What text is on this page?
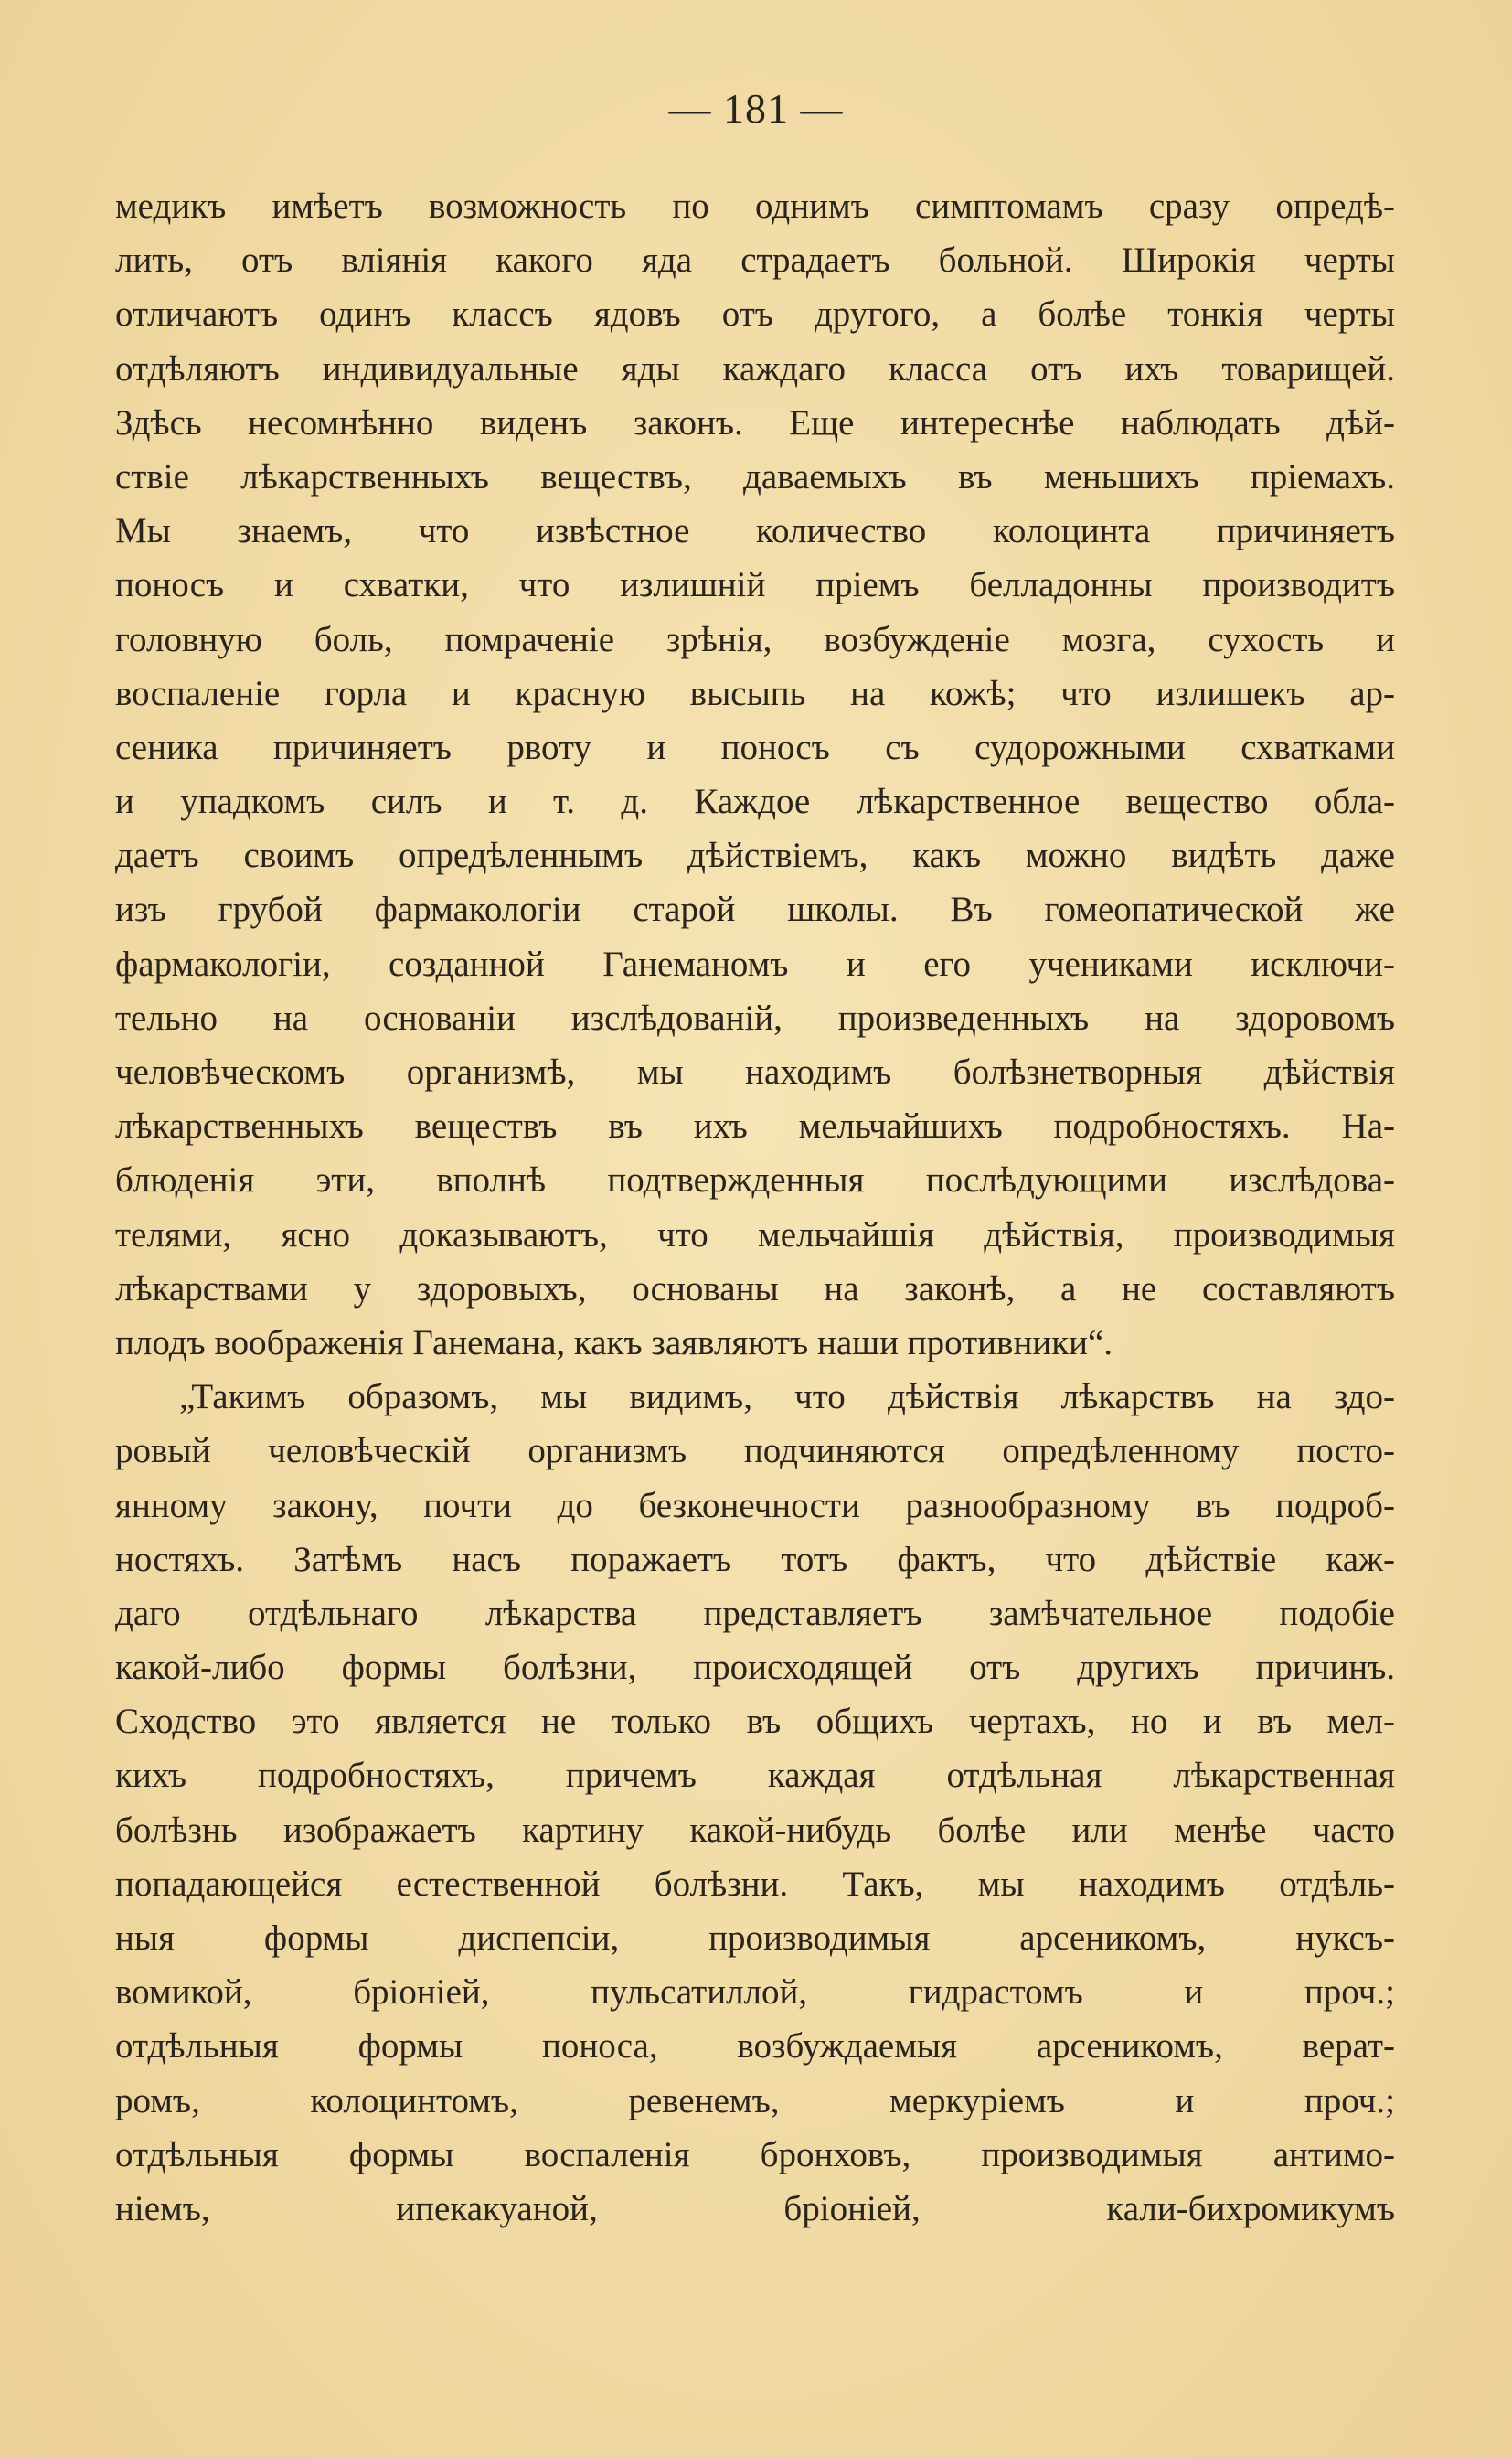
— 181 —
медикъ имѣетъ возможность по однимъ симптомамъ сразу опредѣ-
лить, отъ вліянія какого яда страдаетъ больной. Широкія черты
отличаютъ одинъ классъ ядовъ отъ другого, а болѣе тонкія черты
отдѣляютъ индивидуальные яды каждаго класса отъ ихъ товарищей.
Здѣсь несомнѣнно виденъ законъ. Еще интереснѣе наблюдать дѣй-
ствіе лѣкарственныхъ веществъ, даваемыхъ въ меньшихъ пріемахъ.
Мы знаемъ, что извѣстное количество колоцинта причиняетъ
поносъ и схватки, что излишній пріемъ белладонны производитъ
головную боль, помраченіе зрѣнія, возбужденіе мозга, сухость и
воспаленіе горла и красную высыпь на кожѣ; что излишекъ ар-
сеника причиняетъ рвоту и поносъ съ судорожными схватками
и упадкомъ силъ и т. д. Каждое лѣкарственное вещество обла-
даетъ своимъ опредѣленнымъ дѣйствіемъ, какъ можно видѣть даже
изъ грубой фармакологіи старой школы. Въ гомеопатической же
фармакологіи, созданной Ганеманомъ и его учениками исключи-
тельно на основаніи изслѣдованій, произведенныхъ на здоровомъ
человѣческомъ организмѣ, мы находимъ болѣзнетворныя дѣйствія
лѣкарственныхъ веществъ въ ихъ мельчайшихъ подробностяхъ. На-
блюденія эти, вполнѣ подтвержденныя послѣдующими изслѣдова-
телями, ясно доказываютъ, что мельчайшія дѣйствія, производимыя
лѣкарствами у здоровыхъ, основаны на законѣ, а не составляютъ
плодъ воображенія Ганемана, какъ заявляютъ наши противники“.
„Такимъ образомъ, мы видимъ, что дѣйствія лѣкарствъ на здо-
ровый человѣческій организмъ подчиняются опредѣленному посто-
янному закону, почти до безконечности разнообразному въ подроб-
ностяхъ. Затѣмъ насъ поражаетъ тотъ фактъ, что дѣйствіе каж-
даго отдѣльнаго лѣкарства представляетъ замѣчательное подобіе
какой-либо формы болѣзни, происходящей отъ другихъ причинъ.
Сходство это является не только въ общихъ чертахъ, но и въ мел-
кихъ подробностяхъ, причемъ каждая отдѣльная лѣкарственная
болѣзнь изображаетъ картину какой-нибудь болѣе или менѣе часто
попадающейся естественной болѣзни. Такъ, мы находимъ отдѣль-
ныя формы диспепсіи, производимыя арсеникомъ, нуксъ-
вомикой, бріоніей, пульсатиллой, гидрастомъ и проч.;
отдѣльныя формы поноса, возбуждаемыя арсеникомъ, верат-
ромъ, колоцинтомъ, ревенемъ, меркуріемъ и проч.;
отдѣльныя формы воспаленія бронховъ, производимыя антимо-
ніемъ, ипекакуаной, бріоніей, кали-бихромикумъ
